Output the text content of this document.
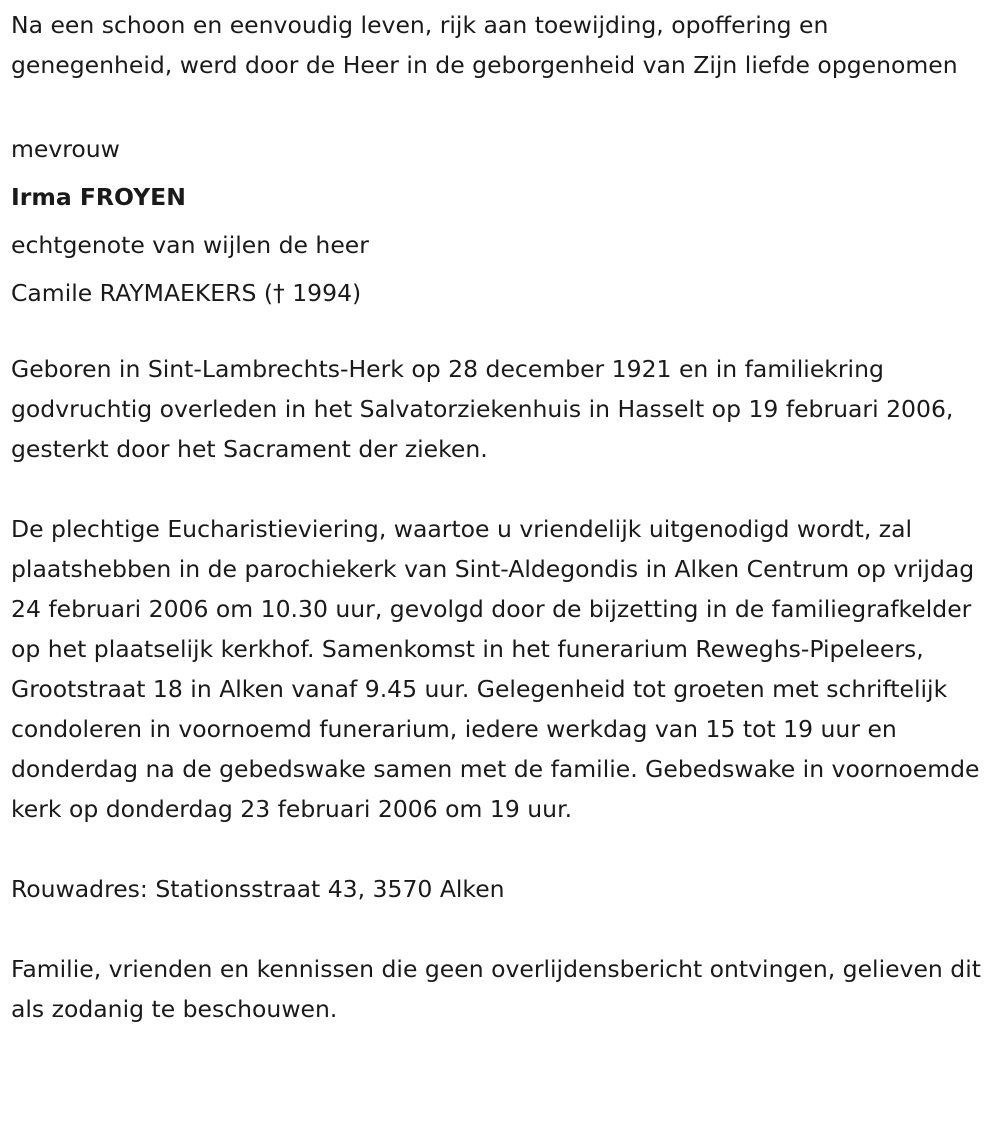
Na een schoon en eenvoudig leven, rijk aan toewijding, opoffering en genegenheid, werd door de Heer in de geborgenheid van Zijn liefde opgenomen

mevrouw

Irma FROYEN

echtgenote van wijlen de heer

Camile RAYMAEKERS († 1994)

Geboren in Sint-Lambrechts-Herk op 28 december 1921 en in familiekring godvruchtig overleden in het Salvatorziekenhuis in Hasselt op 19 februari 2006, gesterkt door het Sacrament der zieken.

De plechtige Eucharistieviering, waartoe u vriendelijk uitgenodigd wordt, zal plaatshebben in de parochiekerk van Sint-Aldegondis in Alken Centrum op vrijdag 24 februari 2006 om 10.30 uur, gevolgd door de bijzetting in de familiegrafkelder op het plaatselijk kerkhof. Samenkomst in het funerarium Reweghs-Pipeleers, Grootstraat 18 in Alken vanaf 9.45 uur. Gelegenheid tot groeten met schriftelijk condoleren in voornoemd funerarium, iedere werkdag van 15 tot 19 uur en donderdag na de gebedswake samen met de familie. Gebedswake in voornoemde kerk op donderdag 23 februari 2006 om 19 uur.

Rouwadres: Stationsstraat 43, 3570 Alken

Familie, vrienden en kennissen die geen overlijdensbericht ontvingen, gelieven dit als zodanig te beschouwen.
